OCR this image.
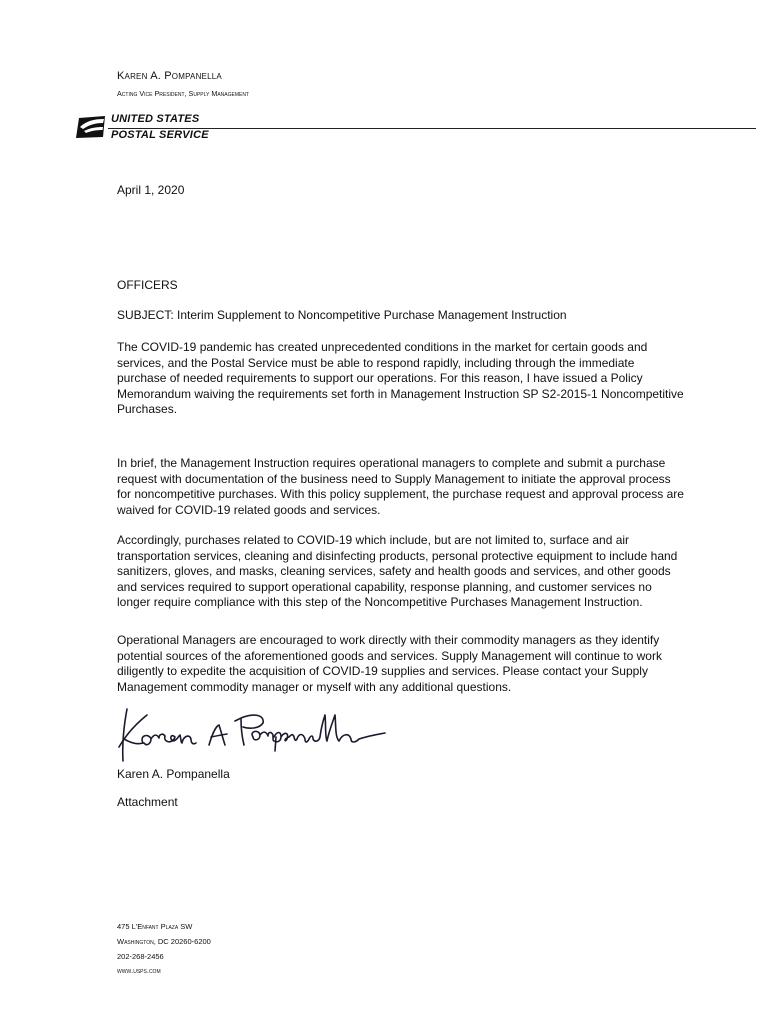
Karen A. Pompanella
Acting Vice President, Supply Management
UNITED STATES
POSTAL SERVICE
April 1, 2020
OFFICERS
SUBJECT: Interim Supplement to Noncompetitive Purchase Management Instruction
The COVID-19 pandemic has created unprecedented conditions in the market for certain goods and services, and the Postal Service must be able to respond rapidly, including through the immediate purchase of needed requirements to support our operations. For this reason, I have issued a Policy Memorandum waiving the requirements set forth in Management Instruction SP S2-2015-1 Noncompetitive Purchases.
In brief, the Management Instruction requires operational managers to complete and submit a purchase request with documentation of the business need to Supply Management to initiate the approval process for noncompetitive purchases. With this policy supplement, the purchase request and approval process are waived for COVID-19 related goods and services.
Accordingly, purchases related to COVID-19 which include, but are not limited to, surface and air transportation services, cleaning and disinfecting products, personal protective equipment to include hand sanitizers, gloves, and masks, cleaning services, safety and health goods and services, and other goods and services required to support operational capability, response planning, and customer services no longer require compliance with this step of the Noncompetitive Purchases Management Instruction.
Operational Managers are encouraged to work directly with their commodity managers as they identify potential sources of the aforementioned goods and services. Supply Management will continue to work diligently to expedite the acquisition of COVID-19 supplies and services. Please contact your Supply Management commodity manager or myself with any additional questions.
Karen A. Pompanella
Attachment
475 L'Enfant Plaza SW
Washington, DC 20260-6200
202-268-2456
www.usps.com
